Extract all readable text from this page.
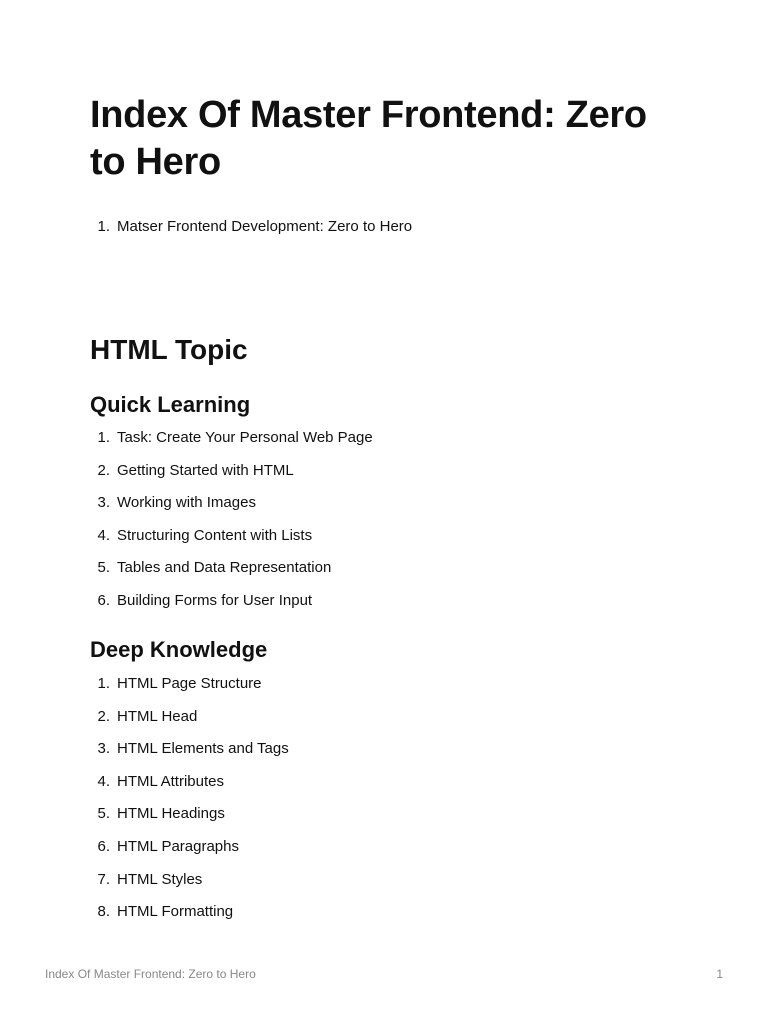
Index Of Master Frontend: Zero to Hero
1. Matser Frontend Development: Zero to Hero
HTML Topic
Quick Learning
1. Task: Create Your Personal Web Page
2. Getting Started with HTML
3. Working with Images
4. Structuring Content with Lists
5. Tables and Data Representation
6. Building Forms for User Input
Deep Knowledge
1. HTML Page Structure
2. HTML Head
3. HTML Elements and Tags
4. HTML Attributes
5. HTML Headings
6. HTML Paragraphs
7. HTML Styles
8. HTML Formatting
Index Of Master Frontend: Zero to Hero	1
